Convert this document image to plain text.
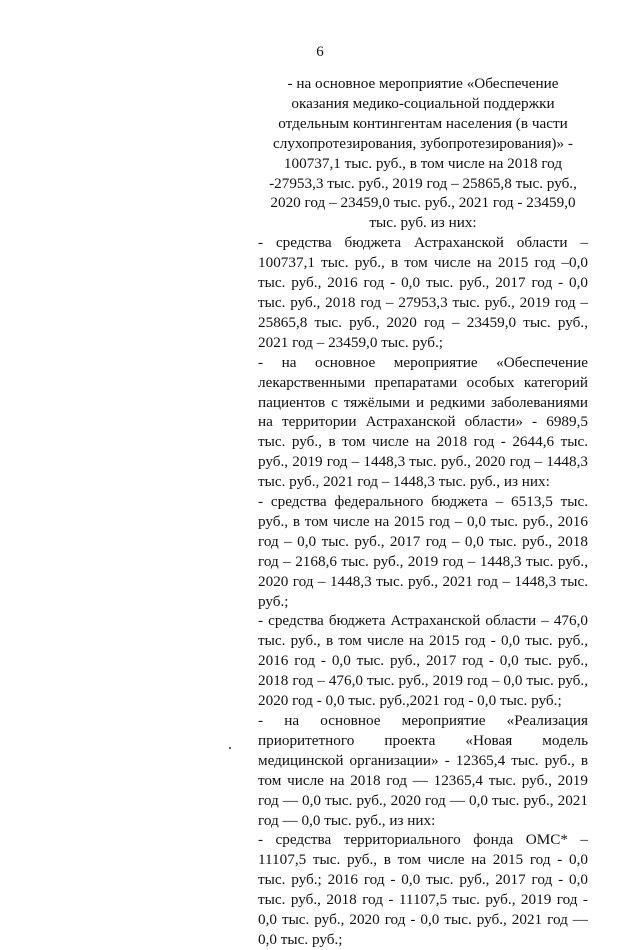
6

- на основное мероприятие «Обеспечение оказания медико-социальной поддержки отдельным контингентам населения (в части слухопротезирования, зубопротезирования)» - 100737,1 тыс. руб., в том числе на 2018 год -27953,3 тыс. руб., 2019 год – 25865,8 тыс. руб., 2020 год – 23459,0 тыс. руб., 2021 год - 23459,0 тыс. руб. из них:

- средства бюджета Астраханской области – 100737,1 тыс. руб., в том числе на 2015 год –0,0 тыс. руб., 2016 год - 0,0 тыс. руб., 2017 год - 0,0 тыс. руб., 2018 год – 27953,3 тыс. руб., 2019 год – 25865,8 тыс. руб., 2020 год – 23459,0 тыс. руб., 2021 год – 23459,0 тыс. руб.;

- на основное мероприятие «Обеспечение лекарственными препаратами особых категорий пациентов с тяжёлыми и редкими заболеваниями на территории Астраханской области» - 6989,5 тыс. руб., в том числе на 2018 год - 2644,6 тыс. руб., 2019 год – 1448,3 тыс. руб., 2020 год – 1448,3 тыс. руб., 2021 год – 1448,3 тыс. руб., из них:

- средства федерального бюджета – 6513,5 тыс. руб., в том числе на 2015 год – 0,0 тыс. руб., 2016 год – 0,0 тыс. руб., 2017 год – 0,0 тыс. руб., 2018 год – 2168,6 тыс. руб., 2019 год – 1448,3 тыс. руб., 2020 год – 1448,3 тыс. руб., 2021 год – 1448,3 тыс. руб.;

- средства бюджета Астраханской области – 476,0 тыс. руб., в том числе на 2015 год - 0,0 тыс. руб., 2016 год - 0,0 тыс. руб., 2017 год - 0,0 тыс. руб., 2018 год – 476,0 тыс. руб., 2019 год – 0,0 тыс. руб., 2020 год - 0,0 тыс. руб.,2021 год - 0,0 тыс. руб.;

- на основное мероприятие «Реализация приоритетного проекта «Новая модель медицинской организации» - 12365,4 тыс. руб., в том числе на 2018 год — 12365,4 тыс. руб., 2019 год — 0,0 тыс. руб., 2020 год — 0,0 тыс. руб., 2021 год — 0,0 тыс. руб., из них:

- средства территориального фонда ОМС* – 11107,5 тыс. руб., в том числе на 2015 год - 0,0 тыс. руб.; 2016 год - 0,0 тыс. руб., 2017 год - 0,0 тыс. руб., 2018 год - 11107,5 тыс. руб., 2019 год - 0,0 тыс. руб., 2020 год - 0,0 тыс. руб., 2021 год — 0,0 тыс. руб.;
